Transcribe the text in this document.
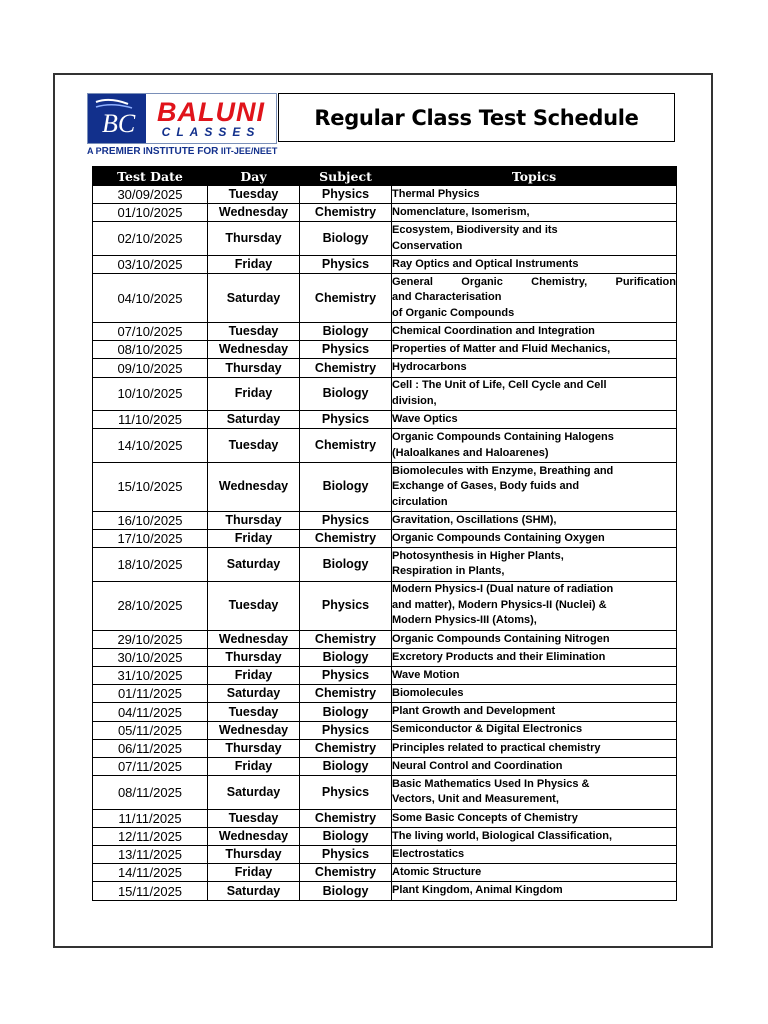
BC BALUNI
CLASSES
A PREMIER INSTITUTE FOR IIT-JEE/NEET
Regular Class Test Schedule
Test Date	Day	Subject	Topics
30/09/2025	Tuesday	Physics	Thermal Physics

01/10/2025	Wednesday	Chemistry	Nomenclature, Isomerism,

02/10/2025	Thursday	Biology	Ecosystem, Biodiversity and its
Conservation

03/10/2025	Friday	Physics	Ray Optics and Optical Instruments

04/10/2025	Saturday	Chemistry	General Organic Chemistry, Purification
and Characterisation
of Organic Compounds

07/10/2025	Tuesday	Biology	Chemical Coordination and Integration

08/10/2025	Wednesday	Physics	Properties of Matter and Fluid Mechanics,

09/10/2025	Thursday	Chemistry	Hydrocarbons

10/10/2025	Friday	Biology	Cell : The Unit of Life, Cell Cycle and Cell
division,

11/10/2025	Saturday	Physics	Wave Optics

14/10/2025	Tuesday	Chemistry	Organic Compounds Containing Halogens
(Haloalkanes and Haloarenes)

15/10/2025	Wednesday	Biology	Biomolecules with Enzyme, Breathing and
Exchange of Gases, Body fuids and
circulation

16/10/2025	Thursday	Physics	Gravitation, Oscillations (SHM),

17/10/2025	Friday	Chemistry	Organic Compounds Containing Oxygen

18/10/2025	Saturday	Biology	Photosynthesis in Higher Plants,
Respiration in Plants,

28/10/2025	Tuesday	Physics	Modern Physics-I (Dual nature of radiation
and matter), Modern Physics-II (Nuclei) &
Modern Physics-III (Atoms),

29/10/2025	Wednesday	Chemistry	Organic Compounds Containing Nitrogen

30/10/2025	Thursday	Biology	Excretory Products and their Elimination

31/10/2025	Friday	Physics	Wave Motion

01/11/2025	Saturday	Chemistry	Biomolecules

04/11/2025	Tuesday	Biology	Plant Growth and Development

05/11/2025	Wednesday	Physics	Semiconductor & Digital Electronics

06/11/2025	Thursday	Chemistry	Principles related to practical chemistry

07/11/2025	Friday	Biology	Neural Control and Coordination

08/11/2025	Saturday	Physics	Basic Mathematics Used In Physics &
Vectors, Unit and Measurement,

11/11/2025	Tuesday	Chemistry	Some Basic Concepts of Chemistry

12/11/2025	Wednesday	Biology	The living world, Biological Classification,

13/11/2025	Thursday	Physics	Electrostatics

14/11/2025	Friday	Chemistry	Atomic Structure

15/11/2025	Saturday	Biology	Plant Kingdom, Animal Kingdom
